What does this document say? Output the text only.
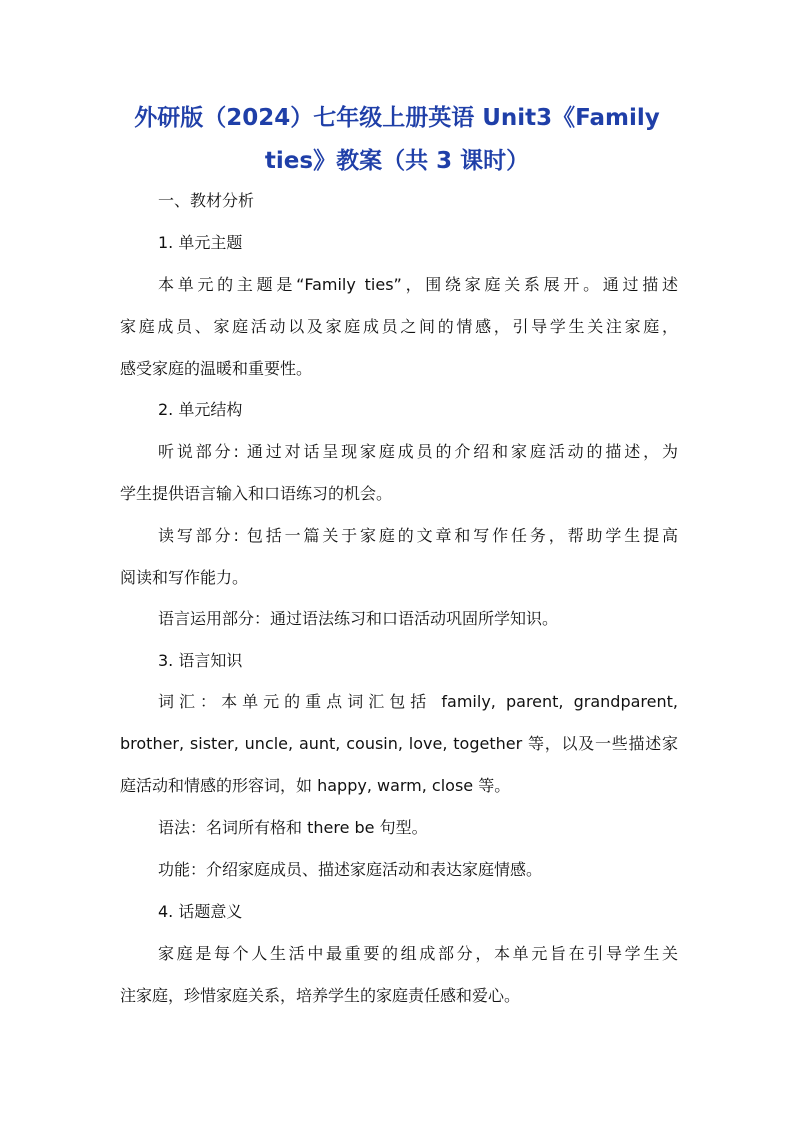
外研版（2024）七年级上册英语 Unit3《Family
ties》教案（共 3 课时）
一、教材分析
1. 单元主题
本单元的主题是“Family ties”，围绕家庭关系展开。通过描述
家庭成员、家庭活动以及家庭成员之间的情感，引导学生关注家庭，
感受家庭的温暖和重要性。
2. 单元结构
听说部分: 通过对话呈现家庭成员的介绍和家庭活动的描述，为
学生提供语言输入和口语练习的机会。
读写部分: 包括一篇关于家庭的文章和写作任务，帮助学生提高
阅读和写作能力。
语言运用部分：通过语法练习和口语活动巩固所学知识。
3. 语言知识
词汇：本单元的重点词汇包括 family, parent, grandparent,
brother, sister, uncle, aunt, cousin, love, together 等，以及一些描述家
庭活动和情感的形容词，如 happy, warm, close 等。
语法：名词所有格和 there be 句型。
功能：介绍家庭成员、描述家庭活动和表达家庭情感。
4. 话题意义
家庭是每个人生活中最重要的组成部分，本单元旨在引导学生关
注家庭，珍惜家庭关系，培养学生的家庭责任感和爱心。
